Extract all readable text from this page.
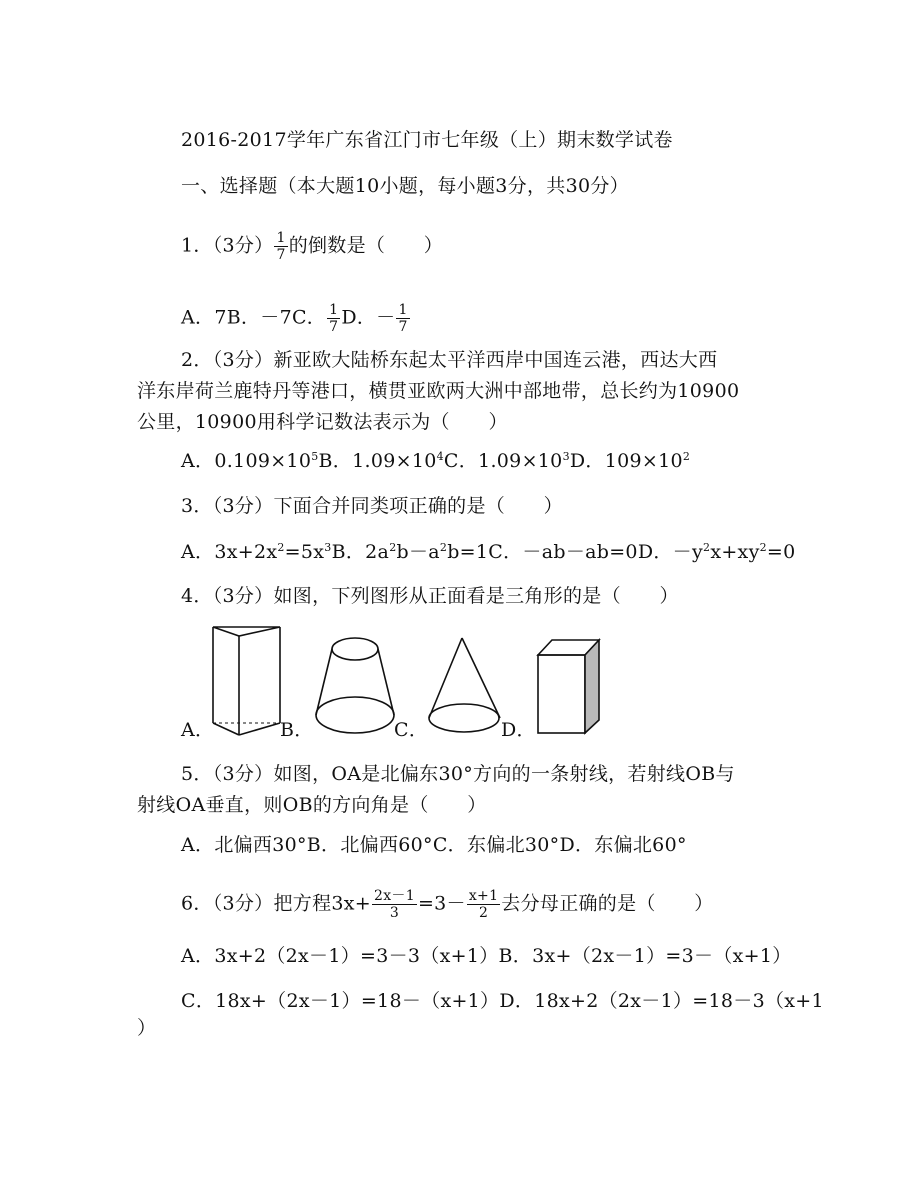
2016-2017学年广东省江门市七年级（上）期末数学试卷
一、选择题（本大题10小题，每小题3分，共30分）
1．（3分） $\frac{1}{7}$ 的倒数是（　　）
A．7B．－7C． $\frac{1}{7}$ D．－ $\frac{1}{7}$
2．（3分）新亚欧大陆桥东起太平洋西岸中国连云港，西达大西
洋东岸荷兰鹿特丹等港口，横贯亚欧两大洲中部地带，总长约为10900
公里，10900用科学记数法表示为（　　）
A．$0.109\times 10^5B$．$1.09\times 10^4C$．$1.09\times 10^3D$．$109\times 10^2$
3．（3分）下面合并同类项正确的是（　　）
A．$3x+2x^2=5x^3B$．$2a^2b-a^2b=1C$．－ab－ab=0D．$-y^2x+xy^2=0$
4．（3分）如图，下列图形从正面看是三角形的是（　　）
A．	B．	C．	D．
5．（3分）如图，OA是北偏东30°方向的一条射线，若射线OB与
射线OA垂直，则OB的方向角是（　　）
A．北偏西30°B．北偏西60°C．东偏北30°D．东偏北60°
6．（3分）把方程$3x+ \frac{2x-1}{3} =3- \frac{x+1}{2}$ 去分母正确的是（　　）
A．3x+2（2x－1）=3－3（x+1）B．3x+（2x－1）=3－（x+1）
C．18x+（2x－1）=18－（x+1）D．18x+2（2x－1）=18－3（x+1
）
